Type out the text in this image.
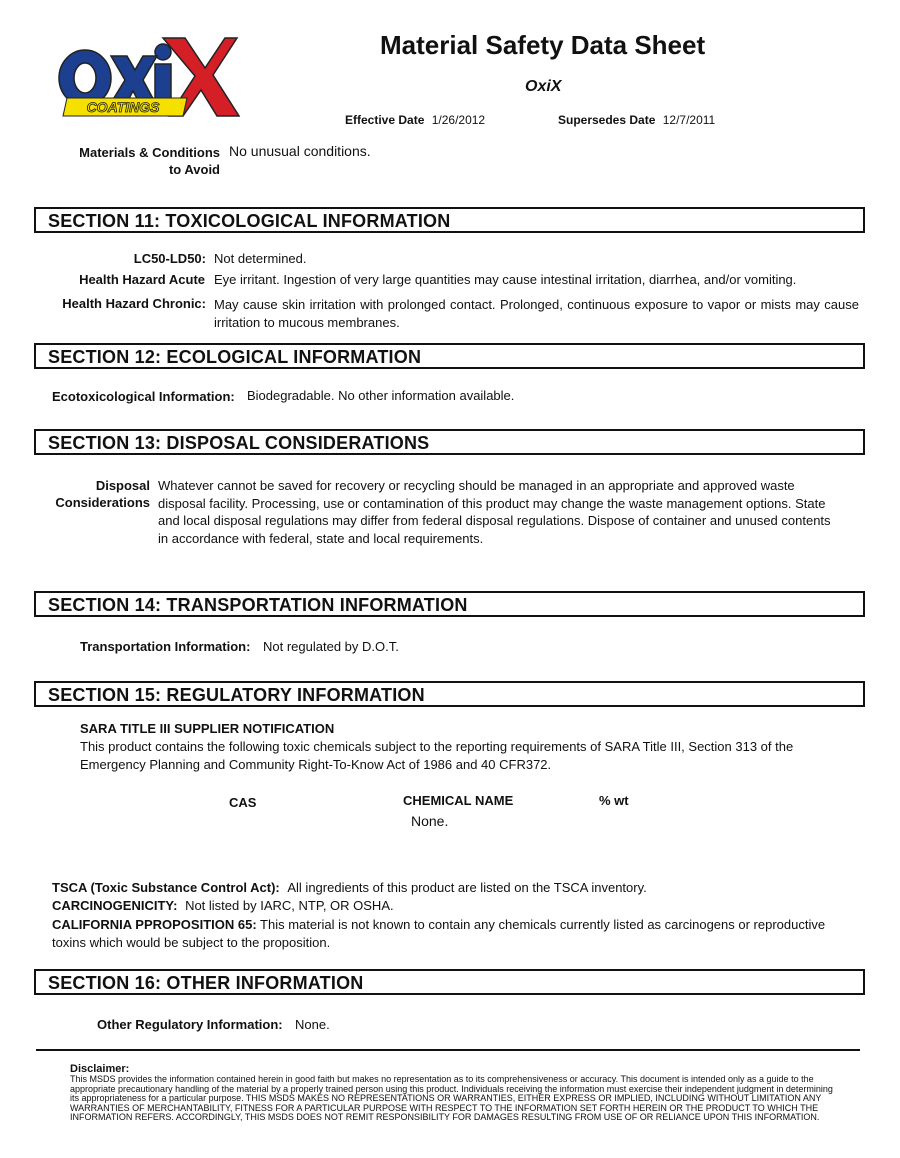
COATINGS
Material Safety Data Sheet
OxiX
Effective Date 1/26/2012	Supersedes Date 12/7/2011
Materials & Conditions
to Avoid
No unusual conditions.
SECTION 11: TOXICOLOGICAL INFORMATION
LC50-LD50: Not determined.
Health Hazard Acute Eye irritant. Ingestion of very large quantities may cause intestinal irritation, diarrhea, and/or vomiting.
Health Hazard Chronic: May cause skin irritation with prolonged contact. Prolonged, continuous exposure to vapor or mists may cause irritation to mucous membranes.
SECTION 12: ECOLOGICAL INFORMATION
Ecotoxicological Information: Biodegradable. No other information available.
SECTION 13: DISPOSAL CONSIDERATIONS
Disposal
Considerations
Whatever cannot be saved for recovery or recycling should be managed in an appropriate and approved waste disposal facility. Processing, use or contamination of this product may change the waste management options. State and local disposal regulations may differ from federal disposal regulations. Dispose of container and unused contents in accordance with federal, state and local requirements.
SECTION 14: TRANSPORTATION INFORMATION
Transportation Information: Not regulated by D.O.T.
SECTION 15: REGULATORY INFORMATION
SARA TITLE III SUPPLIER NOTIFICATION
This product contains the following toxic chemicals subject to the reporting requirements of SARA Title III, Section 313 of the Emergency Planning and Community Right-To-Know Act of 1986 and 40 CFR372.
CAS	CHEMICAL NAME	% wt
None.
TSCA (Toxic Substance Control Act): All ingredients of this product are listed on the TSCA inventory.
CARCINOGENICITY: Not listed by IARC, NTP, OR OSHA.
CALIFORNIA PPROPOSITION 65: This material is not known to contain any chemicals currently listed as carcinogens or reproductive toxins which would be subject to the proposition.
SECTION 16: OTHER INFORMATION
Other Regulatory Information: None.
Disclaimer:
This MSDS provides the information contained herein in good faith but makes no representation as to its comprehensiveness or accuracy. This document is intended only as a guide to the appropriate precautionary handling of the material by a properly trained person using this product. Individuals receiving the information must exercise their independent judgment in determining its appropriateness for a particular purpose. THIS MSDS MAKES NO REPRESENTATIONS OR WARRANTIES, EITHER EXPRESS OR IMPLIED, INCLUDING WITHOUT LIMITATION ANY WARRANTIES OF MERCHANTABILITY, FITNESS FOR A PARTICULAR PURPOSE WITH RESPECT TO THE INFORMATION SET FORTH HEREIN OR THE PRODUCT TO WHICH THE INFORMATION REFERS. ACCORDINGLY, THIS MSDS DOES NOT REMIT RESPONSIBILITY FOR DAMAGES RESULTING FROM USE OF OR RELIANCE UPON THIS INFORMATION.
